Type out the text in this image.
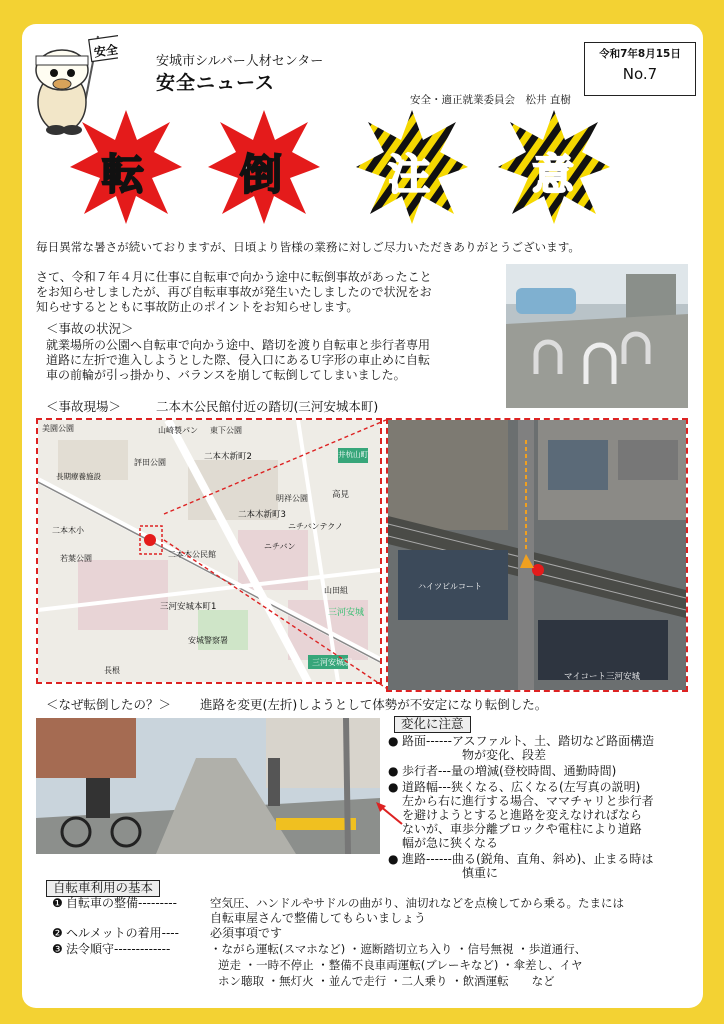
安全
安城市シルバー人材センター
安全ニュース
令和7年8月15日
No.7
安全・適正就業委員会　松井 直樹
転 倒	注 意
毎日異常な暑さが続いておりますが、日頃より皆様の業務に対しご尽力いただきありがとうございます。
さて、令和７年４月に仕事に自転車で向かう途中に転倒事故があったこと
をお知らせしましたが、再び自転車事故が発生いたしましたので状況をお
知らせするとともに事故防止のポイントをお知らせします。
＜事故の状況＞
就業場所の公園へ自転車で向かう途中、踏切を渡り自転車と歩行者専用
道路に左折で進入しようとした際、侵入口にあるＵ字形の車止めに自転
車の前輪が引っ掛かり、バランスを崩して転倒してしまいました。
＜事故現場＞	二本木公民館付近の踏切(三河安城本町)
美園公園	山崎製パン 東下公園
評田公園
二本木新町2
二本木新町3
長期療養施設
二本木小
若葉公園	二本木公民館
三河安城本町1
明祥公園
ニチバンテクノ
ニチバン
高見
井杭山町
山田組
三河安城
安城警察署
三河安城駅
長根
マイコート三河安城
ハイツビルコート
＜なぜ転倒したの？＞ 進路を変更(左折)しようとして体勢が不安定になり転倒した。
変化に注意
● 路面------アスファルト、土、踏切など路面構造
物が変化、段差
● 歩行者---量の増減(登校時間、通勤時間)
● 道路幅---狭くなる、広くなる(左写真の説明)
左から右に進行する場合、ママチャリと歩行者
を避けようとすると進路を変えなければなら
ないが、車歩分離ブロックや電柱により道路
幅が急に狭くなる
● 進路------曲る(鋭角、直角、斜め)、止まる時は
慎重に
自転車利用の基本
❶ 自転車の整備---------	空気圧、ハンドルやサドルの曲がり、油切れなどを点検してから乗る。たまには
自転車屋さんで整備してもらいましょう
❷ ヘルメットの着用----	必須事項です
❸ 法令順守-------------	・ながら運転(スマホなど) ・遮断踏切立ち入り ・信号無視 ・歩道通行、
逆走 ・一時不停止 ・整備不良車両運転(ブレーキなど) ・傘差し、イヤ
ホン聴取 ・無灯火 ・並んで走行 ・二人乗り ・飲酒運転　　など
